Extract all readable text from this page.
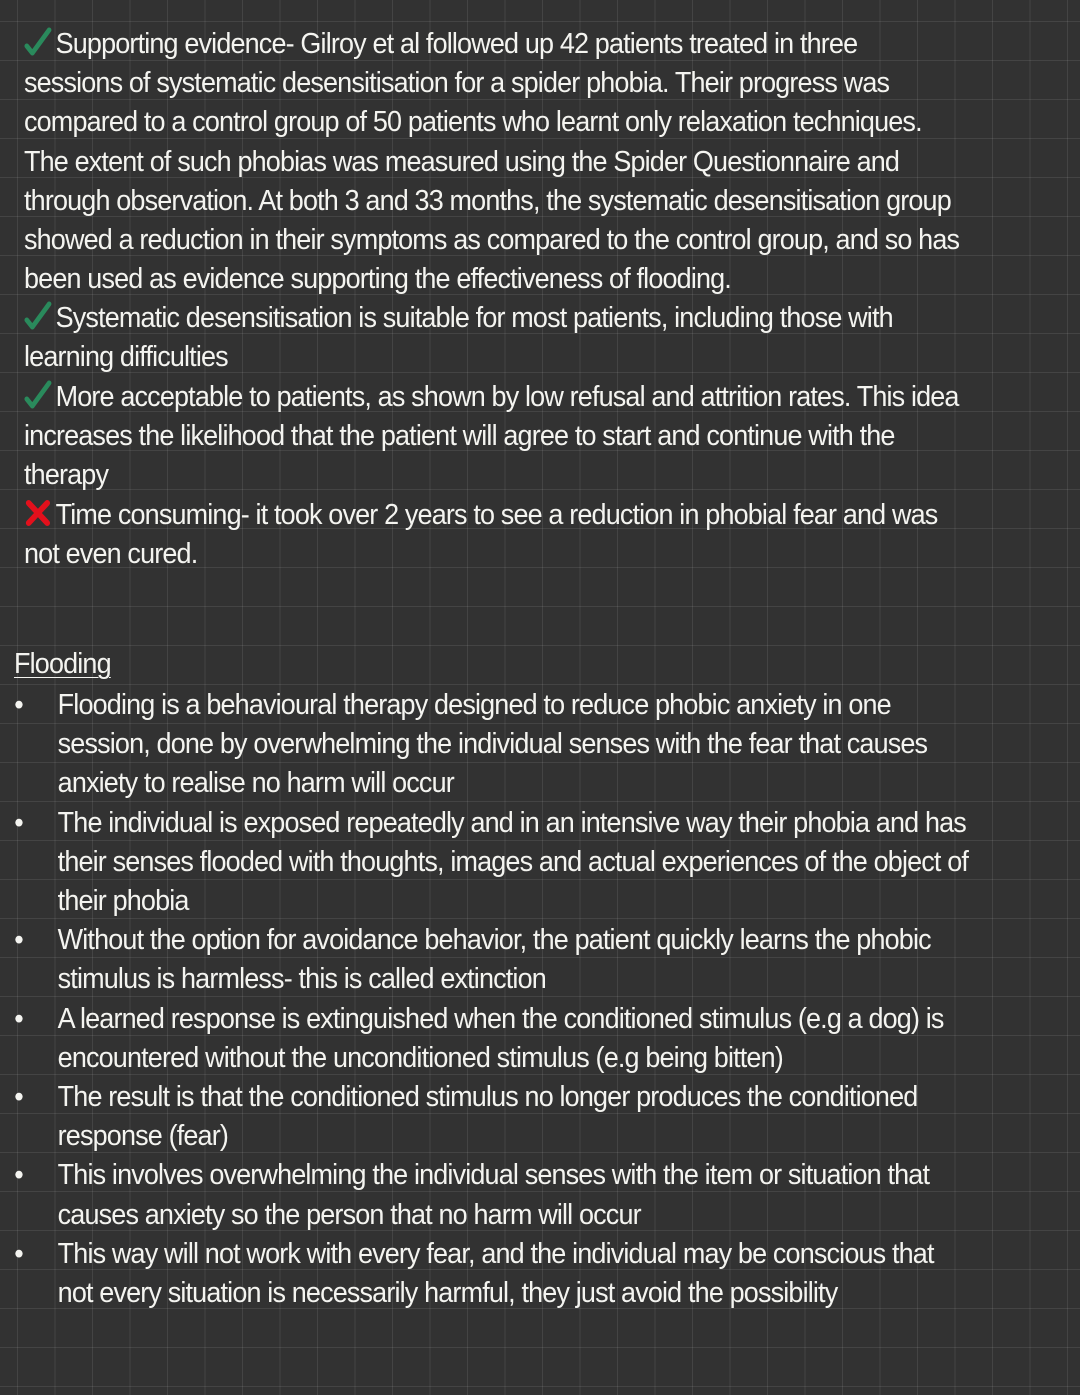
Supporting evidence- Gilroy et al followed up 42 patients treated in three
sessions of systematic desensitisation for a spider phobia. Their progress was
compared to a control group of 50 patients who learnt only relaxation techniques.
The extent of such phobias was measured using the Spider Questionnaire and
through observation. At both 3 and 33 months, the systematic desensitisation group
showed a reduction in their symptoms as compared to the control group, and so has
been used as evidence supporting the effectiveness of flooding.
Systematic desensitisation is suitable for most patients, including those with
learning difficulties
More acceptable to patients, as shown by low refusal and attrition rates. This idea
increases the likelihood that the patient will agree to start and continue with the
therapy
Time consuming- it took over 2 years to see a reduction in phobial fear and was
not even cured.
Flooding
• Flooding is a behavioural therapy designed to reduce phobic anxiety in one
session, done by overwhelming the individual senses with the fear that causes
anxiety to realise no harm will occur
• The individual is exposed repeatedly and in an intensive way their phobia and has
their senses flooded with thoughts, images and actual experiences of the object of
their phobia
• Without the option for avoidance behavior, the patient quickly learns the phobic
stimulus is harmless- this is called extinction
• A learned response is extinguished when the conditioned stimulus (e.g a dog) is
encountered without the unconditioned stimulus (e.g being bitten)
• The result is that the conditioned stimulus no longer produces the conditioned
response (fear)
• This involves overwhelming the individual senses with the item or situation that
causes anxiety so the person that no harm will occur
• This way will not work with every fear, and the individual may be conscious that
not every situation is necessarily harmful, they just avoid the possibility
